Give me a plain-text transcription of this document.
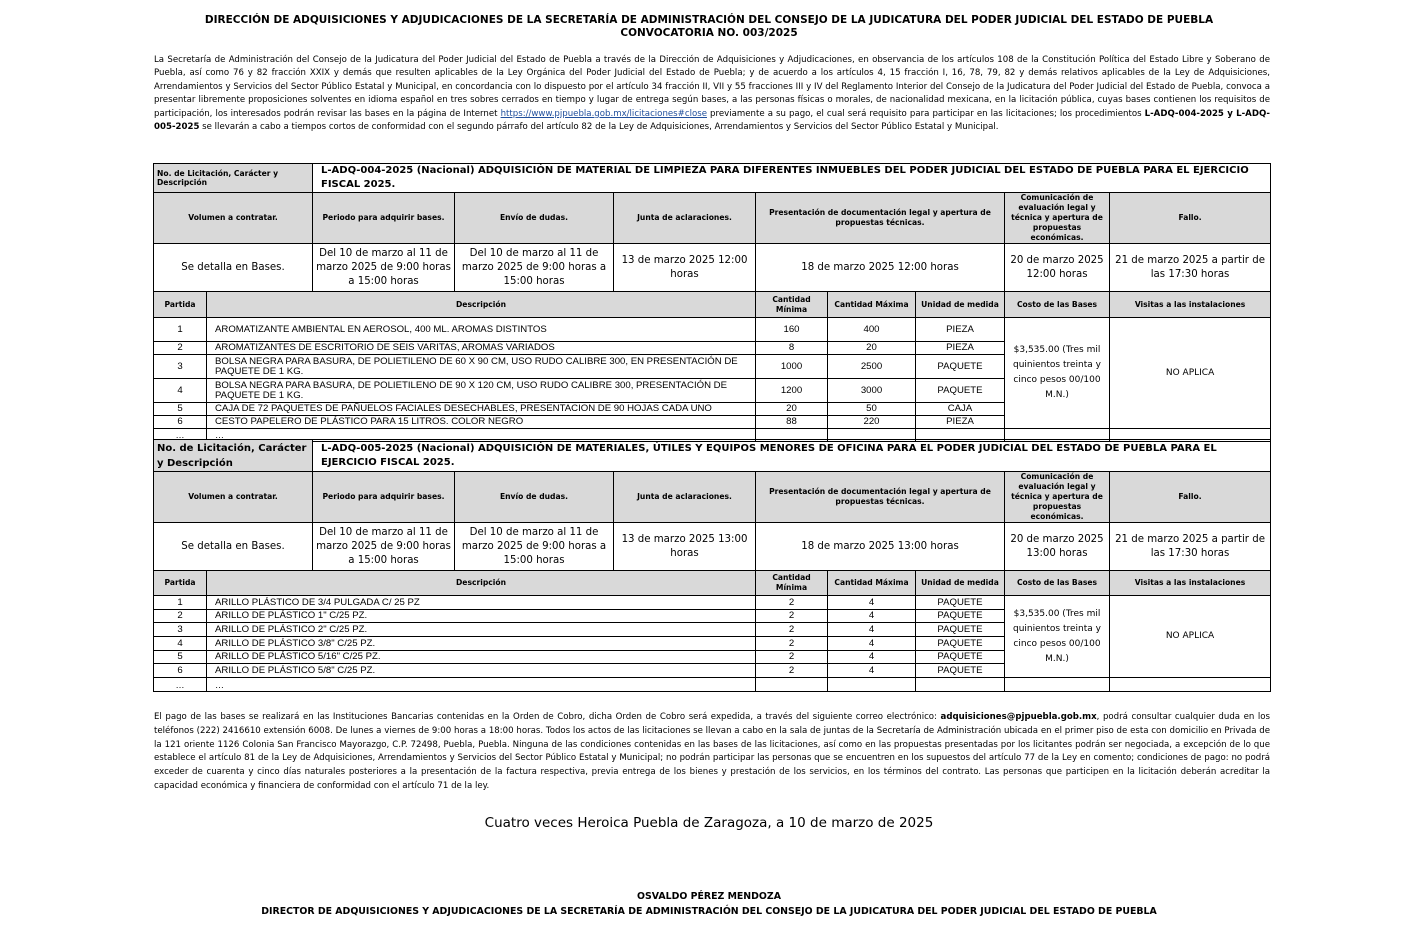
DIRECCIÓN DE ADQUISICIONES Y ADJUDICACIONES DE LA SECRETARÍA DE ADMINISTRACIÓN DEL CONSEJO DE LA JUDICATURA DEL PODER JUDICIAL DEL ESTADO DE PUEBLA
CONVOCATORIA NO. 003/2025
La Secretaría de Administración del Consejo de la Judicatura del Poder Judicial del Estado de Puebla a través de la Dirección de Adquisiciones y Adjudicaciones, en observancia de los artículos 108 de la Constitución Política del Estado Libre y Soberano de Puebla, así como 76 y 82 fracción XXIX y demás que resulten aplicables de la Ley Orgánica del Poder Judicial del Estado de Puebla; y de acuerdo a los artículos 4, 15 fracción I, 16, 78, 79, 82 y demás relativos aplicables de la Ley de Adquisiciones, Arrendamientos y Servicios del Sector Público Estatal y Municipal, en concordancia con lo dispuesto por el artículo 34 fracción II, VII y 55 fracciones III y IV del Reglamento Interior del Consejo de la Judicatura del Poder Judicial del Estado de Puebla, convoca a presentar libremente proposiciones solventes en idioma español en tres sobres cerrados en tiempo y lugar de entrega según bases, a las personas físicas o morales, de nacionalidad mexicana, en la licitación pública, cuyas bases contienen los requisitos de participación, los interesados podrán revisar las bases en la página de Internet https://www.pjpuebla.gob.mx/licitaciones#close previamente a su pago, el cual será requisito para participar en las licitaciones; los procedimientos L-ADQ-004-2025 y L-ADQ-005-2025 se llevarán a cabo a tiempos cortos de conformidad con el segundo párrafo del artículo 82 de la Ley de Adquisiciones, Arrendamientos y Servicios del Sector Público Estatal y Municipal.
No. de Licitación, Carácter y Descripción		L-ADQ-004-2025 (Nacional) ADQUISICIÓN DE MATERIAL DE LIMPIEZA PARA DIFERENTES INMUEBLES DEL PODER JUDICIAL DEL ESTADO DE PUEBLA PARA EL EJERCICIO FISCAL 2025.							
Volumen a contratar.		Periodo para adquirir bases.	Envío de dudas.	Junta de aclaraciones.	Presentación de documentación legal y apertura de propuestas técnicas.			Comunicación de evaluación legal y técnica y apertura de propuestas económicas.	Fallo.
Se detalla en Bases.		Del 10 de marzo al 11 de marzo 2025 de 9:00 horas a 15:00 horas	Del 10 de marzo al 11 de marzo 2025 de 9:00 horas a 15:00 horas	13 de marzo 2025 12:00 horas	18 de marzo 2025 12:00 horas			20 de marzo 2025 12:00 horas	21 de marzo 2025 a partir de las 17:30 horas
Partida	Descripción				Cantidad Mínima	Cantidad Máxima	Unidad de medida	Costo de las Bases	Visitas a las instalaciones
1	AROMATIZANTE AMBIENTAL EN AEROSOL, 400 ML. AROMAS DISTINTOS				160	400	PIEZA	$3,535.00 (Tres mil quinientos treinta y cinco pesos 00/100 M.N.)	NO APLICA
2	AROMATIZANTES DE ESCRITORIO DE SEIS VARITAS, AROMAS VARIADOS				8	20	PIEZA		
3	BOLSA NEGRA PARA BASURA, DE POLIETILENO DE 60 X 90 CM, USO RUDO CALIBRE 300, EN PRESENTACIÓN DE PAQUETE DE 1 KG.				1000	2500	PAQUETE		
4	BOLSA NEGRA PARA BASURA, DE POLIETILENO DE 90 X 120 CM, USO RUDO CALIBRE 300, PRESENTACIÓN DE PAQUETE DE 1 KG.				1200	3000	PAQUETE		
5	CAJA DE 72 PAQUETES DE PAÑUELOS FACIALES DESECHABLES, PRESENTACION DE 90 HOJAS CADA UNO				20	50	CAJA		
6	CESTO PAPELERO DE PLÁSTICO PARA 15 LITROS. COLOR NEGRO				88	220	PIEZA		
…	…								
No. de Licitación, Carácter y Descripción		L-ADQ-005-2025 (Nacional) ADQUISICIÓN DE MATERIALES, ÚTILES Y EQUIPOS MENORES DE OFICINA PARA EL PODER JUDICIAL DEL ESTADO DE PUEBLA PARA EL EJERCICIO FISCAL 2025.							
Volumen a contratar.		Periodo para adquirir bases.	Envío de dudas.	Junta de aclaraciones.	Presentación de documentación legal y apertura de propuestas técnicas.			Comunicación de evaluación legal y técnica y apertura de propuestas económicas.	Fallo.
Se detalla en Bases.		Del 10 de marzo al 11 de marzo 2025 de 9:00 horas a 15:00 horas	Del 10 de marzo al 11 de marzo 2025 de 9:00 horas a 15:00 horas	13 de marzo 2025 13:00 horas	18 de marzo 2025 13:00 horas			20 de marzo 2025 13:00 horas	21 de marzo 2025 a partir de las 17:30 horas
Partida	Descripción				Cantidad Mínima	Cantidad Máxima	Unidad de medida	Costo de las Bases	Visitas a las instalaciones
1	ARILLO PLÁSTICO DE 3/4 PULGADA C/ 25 PZ				2	4	PAQUETE	$3,535.00 (Tres mil quinientos treinta y cinco pesos 00/100 M.N.)	NO APLICA
2	ARILLO DE PLÁSTICO 1" C/25 PZ.				2	4	PAQUETE		
3	ARILLO DE PLÁSTICO 2" C/25 PZ.				2	4	PAQUETE		
4	ARILLO DE PLÁSTICO 3/8" C/25 PZ.				2	4	PAQUETE		
5	ARILLO DE PLÁSTICO 5/16" C/25 PZ.				2	4	PAQUETE		
6	ARILLO DE PLÁSTICO 5/8" C/25 PZ.				2	4	PAQUETE		
…	…								
El pago de las bases se realizará en las Instituciones Bancarias contenidas en la Orden de Cobro, dicha Orden de Cobro será expedida, a través del siguiente correo electrónico: adquisiciones@pjpuebla.gob.mx, podrá consultar cualquier duda en los teléfonos (222) 2416610 extensión 6008. De lunes a viernes de 9:00 horas a 18:00 horas. Todos los actos de las licitaciones se llevan a cabo en la sala de juntas de la Secretaría de Administración ubicada en el primer piso de esta con domicilio en Privada de la 121 oriente 1126 Colonia San Francisco Mayorazgo, C.P. 72498, Puebla, Puebla. Ninguna de las condiciones contenidas en las bases de las licitaciones, así como en las propuestas presentadas por los licitantes podrán ser negociada, a excepción de lo que establece el artículo 81 de la Ley de Adquisiciones, Arrendamientos y Servicios del Sector Público Estatal y Municipal; no podrán participar las personas que se encuentren en los supuestos del artículo 77 de la Ley en comento; condiciones de pago: no podrá exceder de cuarenta y cinco días naturales posteriores a la presentación de la factura respectiva, previa entrega de los bienes y prestación de los servicios, en los términos del contrato. Las personas que participen en la licitación deberán acreditar la capacidad económica y financiera de conformidad con el artículo 71 de la ley.
Cuatro veces Heroica Puebla de Zaragoza, a 10 de marzo de 2025
OSVALDO PÉREZ MENDOZA
DIRECTOR DE ADQUISICIONES Y ADJUDICACIONES DE LA SECRETARÍA DE ADMINISTRACIÓN DEL CONSEJO DE LA JUDICATURA DEL PODER JUDICIAL DEL ESTADO DE PUEBLA
